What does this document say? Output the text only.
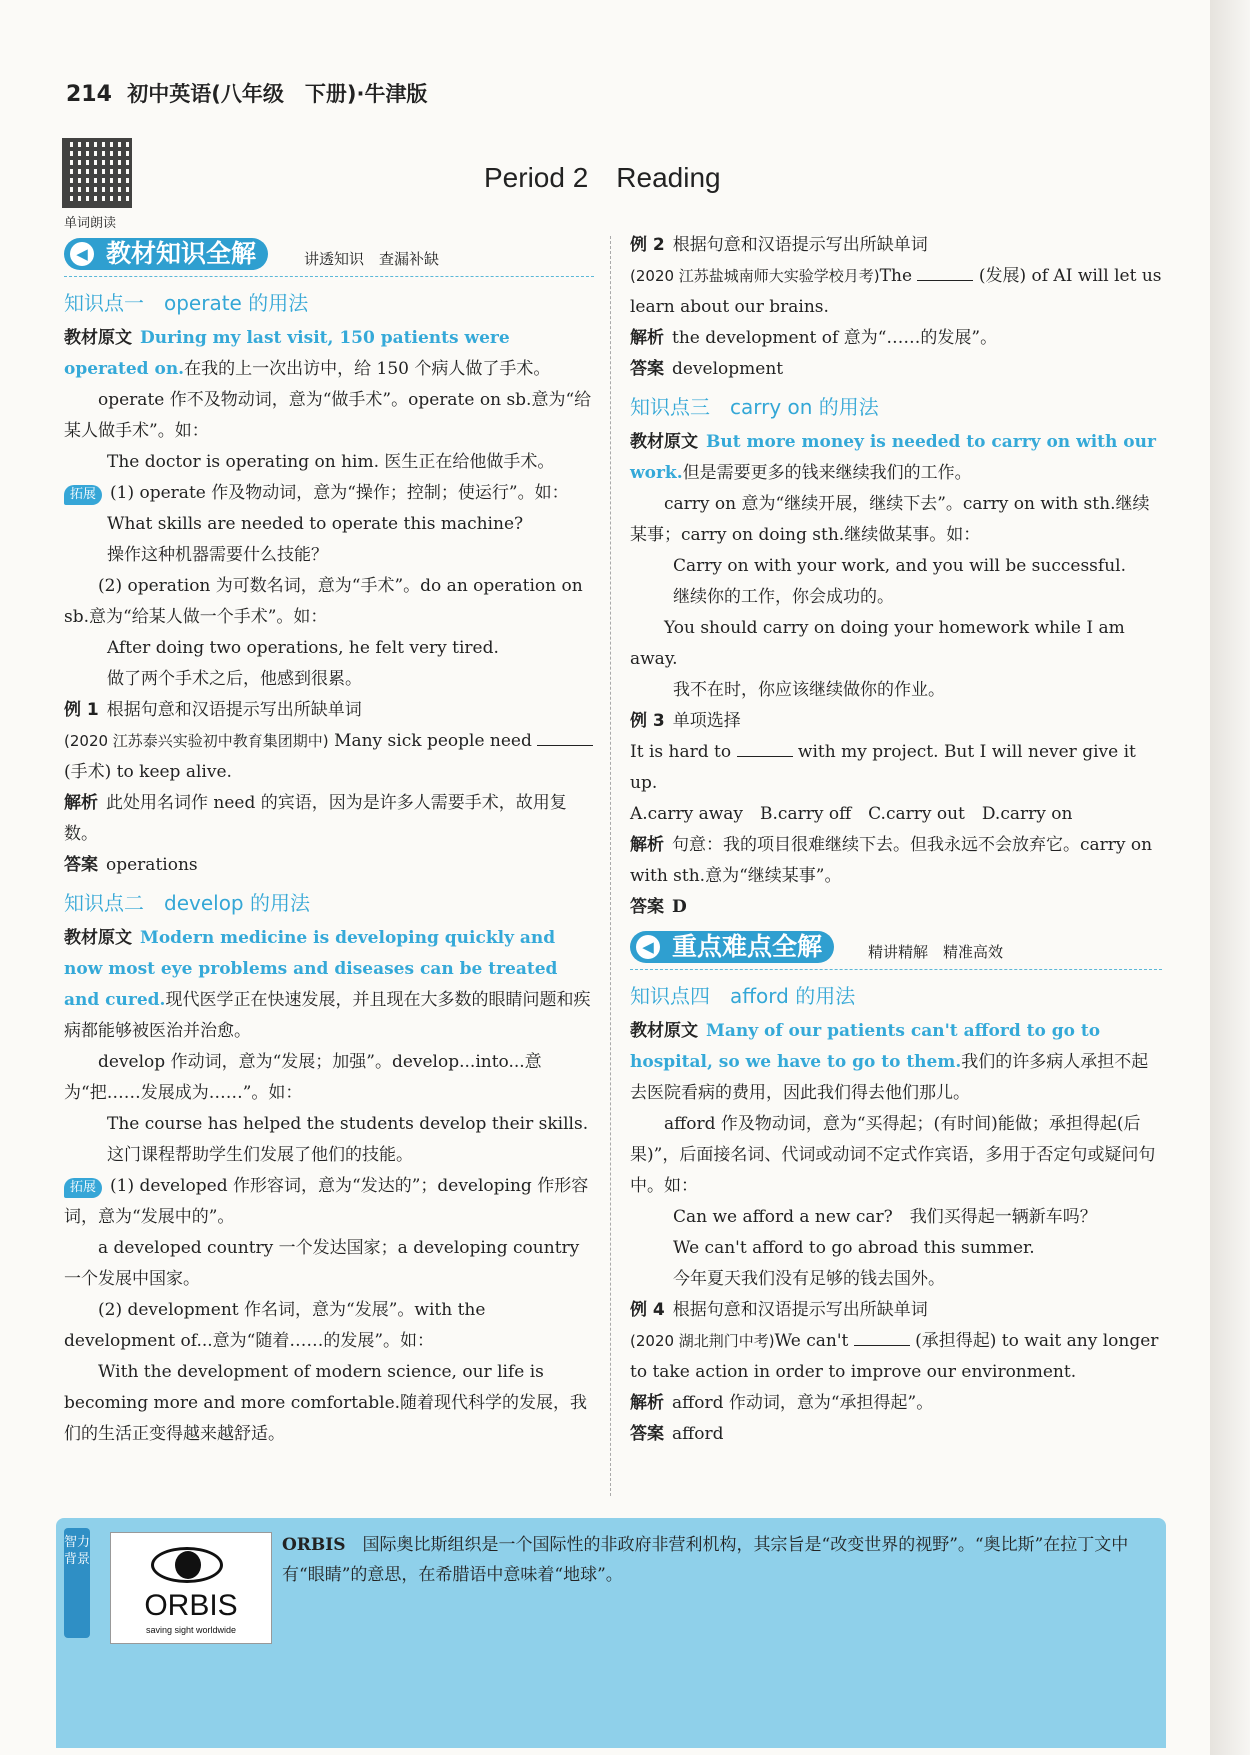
214 初中英语(八年级　下册)·牛津版
单词朗读
Period 2　Reading
◀ 教材知识全解	讲透知识　查漏补缺
知识点一　operate 的用法

教材原文 During my last visit, 150 patients were operated on.在我的上一次出访中，给 150 个病人做了手术。

operate 作不及物动词，意为“做手术”。operate on sb.意为“给某人做手术”。如：

The doctor is operating on him. 医生正在给他做手术。

拓展 (1) operate 作及物动词，意为“操作；控制；使运行”。如：

What skills are needed to operate this machine?

操作这种机器需要什么技能？

(2) operation 为可数名词，意为“手术”。do an operation on sb.意为“给某人做一个手术”。如：

After doing two operations, he felt very tired.

做了两个手术之后，他感到很累。

例 1 根据句意和汉语提示写出所缺单词

(2020 江苏泰兴实验初中教育集团期中) Many sick people need  (手术) to keep alive.

解析 此处用名词作 need 的宾语，因为是许多人需要手术，故用复数。

答案 operations

知识点二　develop 的用法

教材原文 Modern medicine is developing quickly and now most eye problems and diseases can be treated and cured.现代医学正在快速发展，并且现在大多数的眼睛问题和疾病都能够被医治并治愈。

develop 作动词，意为“发展；加强”。develop...into...意为“把……发展成为……”。如：

The course has helped the students develop their skills.

这门课程帮助学生们发展了他们的技能。

拓展 (1) developed 作形容词，意为“发达的”；developing 作形容词，意为“发展中的”。

a developed country 一个发达国家；a developing country 一个发展中国家。

(2) development 作名词，意为“发展”。with the development of...意为“随着……的发展”。如：

With the development of modern science, our life is becoming more and more comfortable.随着现代科学的发展，我们的生活正变得越来越舒适。

例 2 根据句意和汉语提示写出所缺单词

(2020 江苏盐城南师大实验学校月考)The	(发展) of AI will let us learn about our brains.

解析 the development of 意为“……的发展”。

答案 development

知识点三　carry on 的用法

教材原文 But more money is needed to carry on with our work.但是需要更多的钱来继续我们的工作。

carry on 意为“继续开展，继续下去”。carry on with sth.继续某事；carry on doing sth.继续做某事。如：

Carry on with your work, and you will be successful.

继续你的工作，你会成功的。

You should carry on doing your homework while I am away.

我不在时，你应该继续做你的作业。

例 3 单项选择

It is hard to	with my project. But I will never give it up.

A.carry away　B.carry off　C.carry out　D.carry on

解析 句意：我的项目很难继续下去。但我永远不会放弃它。carry on with sth.意为“继续某事”。

答案 D

◀ 重点难点全解	精讲精解　精准高效
知识点四　afford 的用法

教材原文 Many of our patients can't afford to go to hospital, so we have to go to them.我们的许多病人承担不起去医院看病的费用，因此我们得去他们那儿。

afford 作及物动词，意为“买得起；(有时间)能做；承担得起(后果)”，后面接名词、代词或动词不定式作宾语，多用于否定句或疑问句中。如：

Can we afford a new car?　我们买得起一辆新车吗？

We can't afford to go abroad this summer.

今年夏天我们没有足够的钱去国外。

例 4 根据句意和汉语提示写出所缺单词

(2020 湖北荆门中考)We can't	(承担得起) to wait any longer to take action in order to improve our environment.

解析 afford 作动词，意为“承担得起”。

答案 afford

智力背景
ORBIS
saving sight worldwide
ORBIS　 国际奥比斯组织是一个国际性的非政府非营利机构，其宗旨是“改变世界的视野”。“奥比斯”在拉丁文中有“眼睛”的意思，在希腊语中意味着“地球”。
